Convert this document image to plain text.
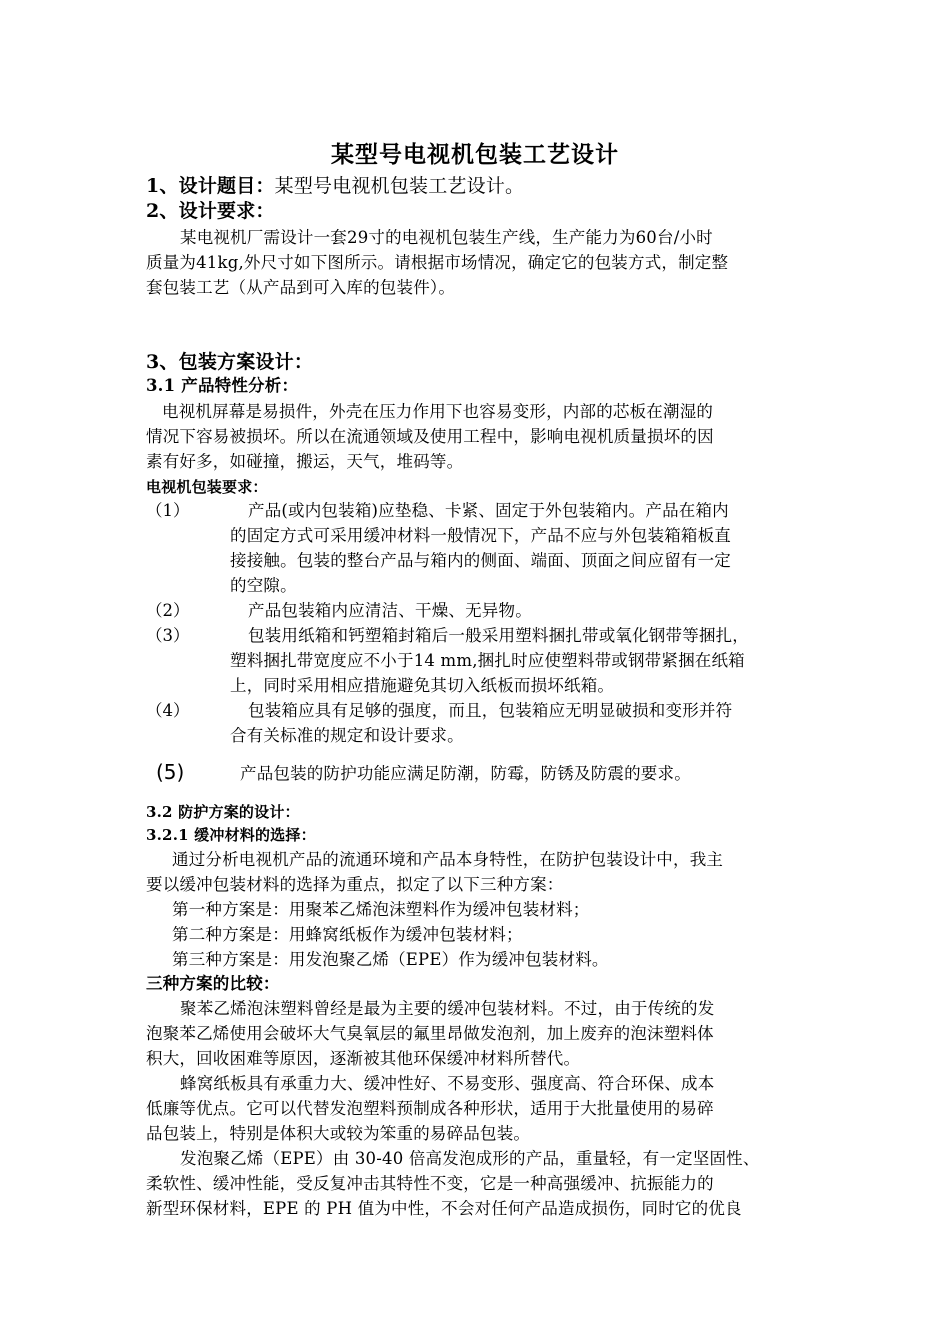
某型号电视机包装工艺设计
1、设计题目：某型号电视机包装工艺设计。
2、设计要求：
某电视机厂需设计一套29寸的电视机包装生产线，生产能力为60台/小时
质量为41kg,外尺寸如下图所示。请根据市场情况，确定它的包装方式，制定整
套包装工艺（从产品到可入库的包装件）。
3、包装方案设计：
3.1 产品特性分析：
电视机屏幕是易损件，外壳在压力作用下也容易变形，内部的芯板在潮湿的
情况下容易被损坏。所以在流通领域及使用工程中，影响电视机质量损坏的因
素有好多，如碰撞，搬运，天气，堆码等。
电视机包装要求：
（1）	产品(或内包装箱)应垫稳、卡紧、固定于外包装箱内。产品在箱内
的固定方式可采用缓冲材料一般情况下，产品不应与外包装箱箱板直
接接触。包装的整台产品与箱内的侧面、端面、顶面之间应留有一定
的空隙。
（2）	产品包装箱内应清洁、干燥、无异物。
（3）	包装用纸箱和钙塑箱封箱后一般采用塑料捆扎带或氧化钢带等捆扎，
塑料捆扎带宽度应不小于14 mm,捆扎时应使塑料带或钢带紧捆在纸箱
上，同时采用相应措施避免其切入纸板而损坏纸箱。
（4）	包装箱应具有足够的强度，而且，包装箱应无明显破损和变形并符
合有关标准的规定和设计要求。
(5)	产品包装的防护功能应满足防潮，防霉，防锈及防震的要求。
3.2 防护方案的设计：
3.2.1 缓冲材料的选择：
通过分析电视机产品的流通环境和产品本身特性，在防护包装设计中，我主
要以缓冲包装材料的选择为重点，拟定了以下三种方案：
第一种方案是：用聚苯乙烯泡沫塑料作为缓冲包装材料；
第二种方案是：用蜂窝纸板作为缓冲包装材料；
第三种方案是：用发泡聚乙烯（EPE）作为缓冲包装材料。
三种方案的比较：
聚苯乙烯泡沫塑料曾经是最为主要的缓冲包装材料。不过，由于传统的发
泡聚苯乙烯使用会破坏大气臭氧层的氟里昂做发泡剂，加上废弃的泡沫塑料体
积大，回收困难等原因，逐渐被其他环保缓冲材料所替代。
蜂窝纸板具有承重力大、缓冲性好、不易变形、强度高、符合环保、成本
低廉等优点。它可以代替发泡塑料预制成各种形状，适用于大批量使用的易碎
品包装上，特别是体积大或较为笨重的易碎品包装。
发泡聚乙烯（EPE）由 30-40 倍高发泡成形的产品，重量轻，有一定坚固性、
柔软性、缓冲性能，受反复冲击其特性不变，它是一种高强缓冲、抗振能力的
新型环保材料，EPE 的 PH 值为中性，不会对任何产品造成损伤，同时它的优良
